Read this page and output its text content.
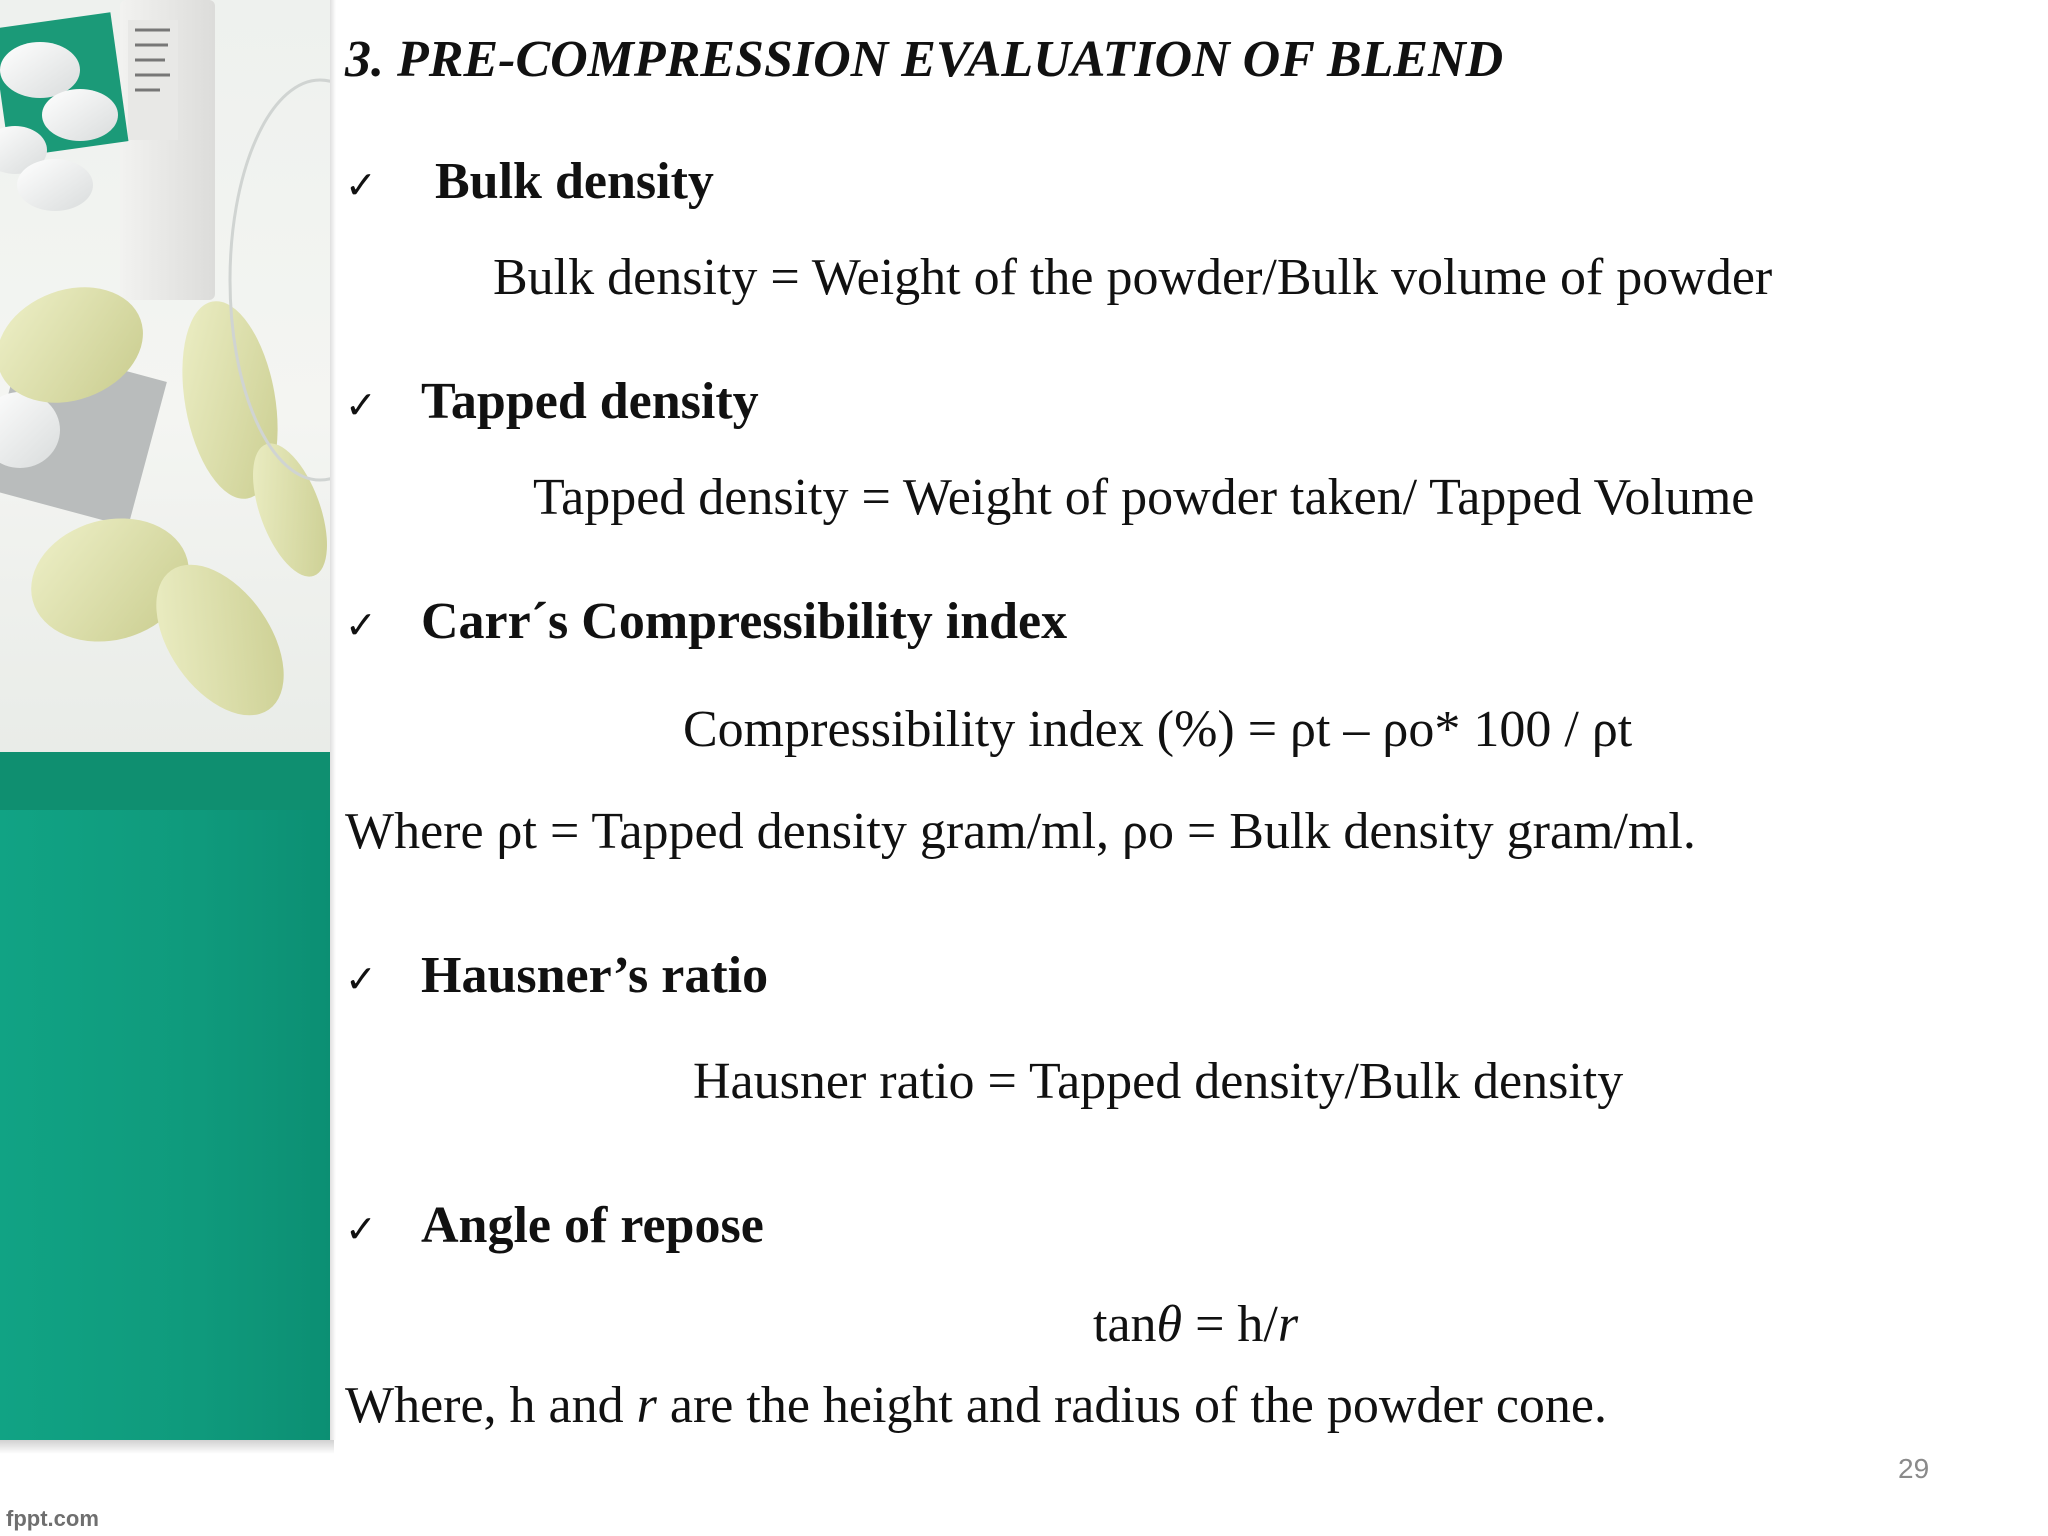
fppt.com
3. PRE-COMPRESSION EVALUATION OF BLEND
✓	Bulk density
Bulk density = Weight of the powder/Bulk volume of powder
✓ Tapped density
Tapped density = Weight of powder taken/ Tapped Volume
✓ Carr´s Compressibility index
Compressibility index (%) = ρt – ρo* 100 / ρt
Where ρt = Tapped density gram/ml, ρo = Bulk density gram/ml.
✓ Hausner’s ratio
Hausner ratio = Tapped density/Bulk density
✓ Angle of repose
tanθ = h/r
Where, h and r are the height and radius of the powder cone.
29
